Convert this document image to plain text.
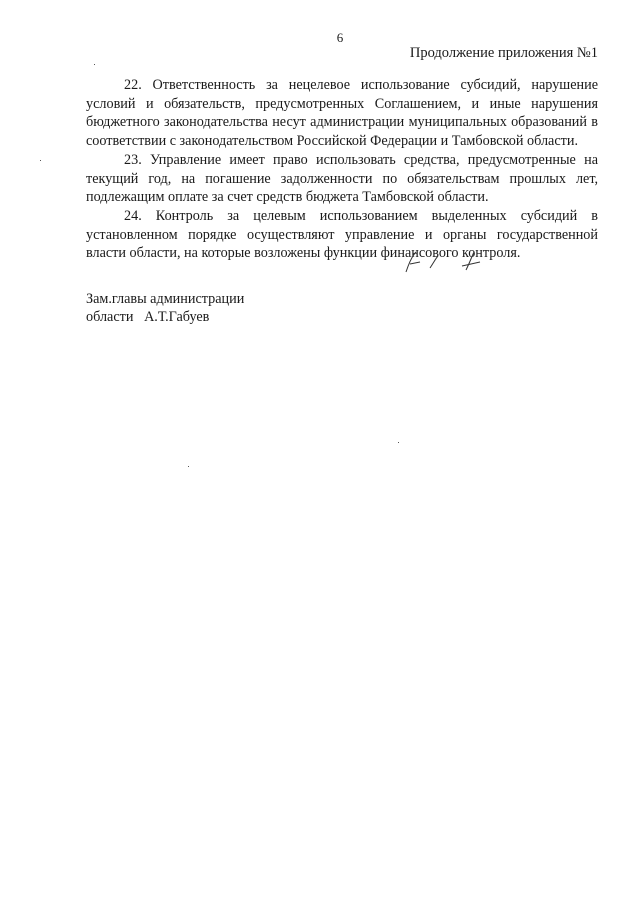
6
Продолжение приложения №1

22. Ответственность за нецелевое использование субсидий, нарушение условий и обязательств, предусмотренных Соглашением, и иные нарушения бюджетного законодательства несут администрации муниципальных образований в соответствии с законодательством Российской Федерации и Тамбовской области.

23. Управление имеет право использовать средства, предусмотренные на текущий год, на погашение задолженности по обязательствам прошлых лет, подлежащим оплате за счет средств бюджета Тамбовской области.

24. Контроль за целевым использованием выделенных субсидий в установленном порядке осуществляют управление и органы государственной власти области, на которые возложены функции финансового контроля.

Зам.главы администрации
области   А.Т.Габуев
